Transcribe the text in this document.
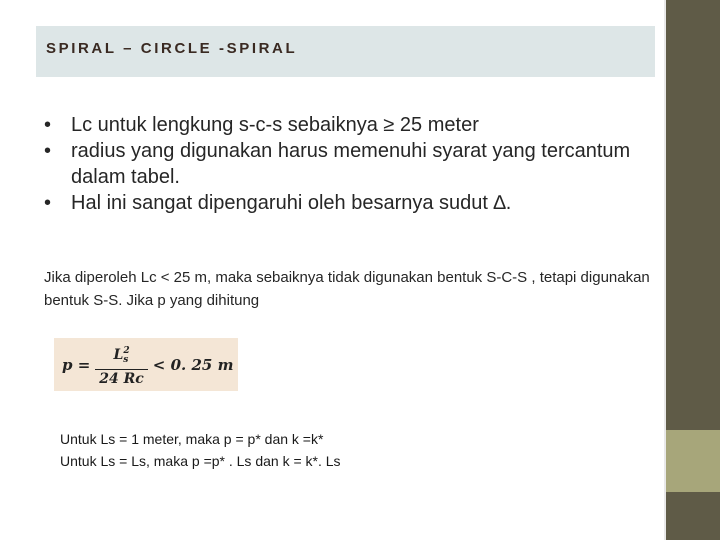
SPIRAL – CIRCLE -SPIRAL
• Lc untuk lengkung s-c-s sebaiknya ≥ 25 meter
• radius yang digunakan harus memenuhi syarat yang tercantum dalam tabel.
• Hal ini sangat dipengaruhi oleh besarnya sudut ∆.
Jika diperoleh Lc < 25 m, maka sebaiknya tidak digunakan bentuk S-C-S , tetapi digunakan bentuk S-S. Jika p yang dihitung
$p = \frac{L_s^2}{24 Rc} < 0$. 25 m
Untuk Ls = 1 meter, maka p = p* dan k =k*
Untuk Ls = Ls, maka p =p* . Ls dan k = k*. Ls
